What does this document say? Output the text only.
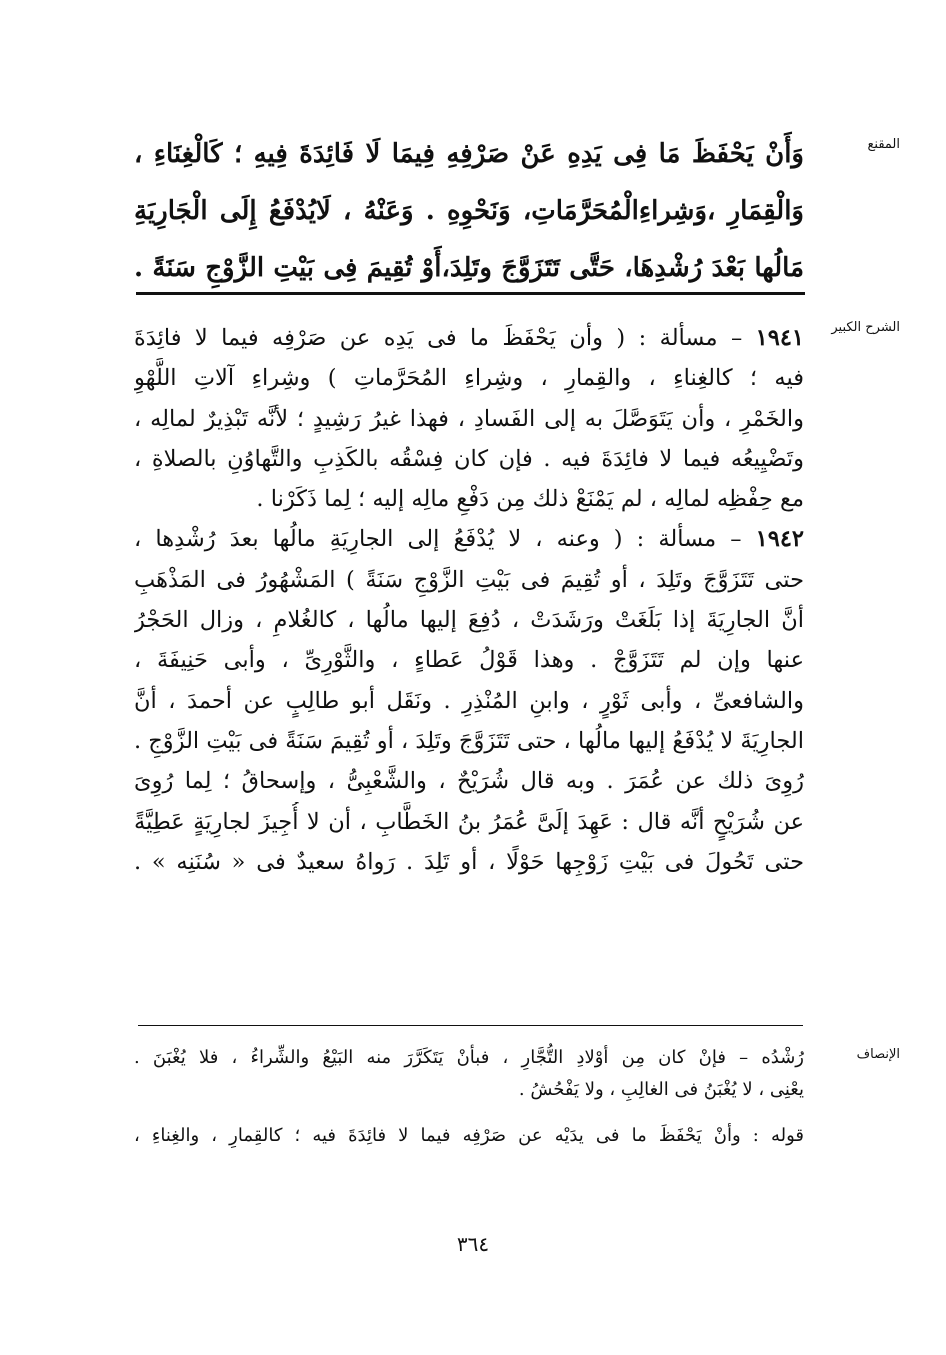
المقنع
وَأَنْ يَحْفَظَ مَا فِى يَدِهِ عَنْ صَرْفِهِ فِيمَا لَا فَائِدَةَ فِيهِ ؛ كَالْغِنَاءِ ،
وَالْقِمَارِ ،وَشِراءِالْمُحَرَّمَاتِ، وَنَحْوِهِ . وَعَنْهُ ، لَايُدْفَعُ إِلَى الْجَارِيَةِ
مَالُها بَعْدَ رُشْدِهَا، حَتَّى تَتَزَوَّجَ وتَلِدَ،أَوْ تُقِيمَ فِى بَيْتِ الزَّوْجِ سَنَةً .
الشرح الكبير
١٩٤١ – مسألة : ( وأن يَحْفَظَ ما فى يَدِه عن صَرْفِه فيما لا فائِدَةَ
فيه ؛ كالغِناءِ ، والقِمارِ ، وشِراءِ المُحَرَّماتِ ) وشِراءِ آلاتِ اللَّهْوِ
والخَمْرِ ، وأن يَتَوَصَّلَ به إلى الفَسادِ ، فهذا غيرُ رَشِيدٍ ؛ لأنَّه تَبْذِيرٌ لمالِه ،
وتَضْيِيعُه فيما لا فائِدَةَ فيه . فإن كان فِسْقُه بالكَذِبِ والتَّهاوُنِ بالصلاةِ ،
مع حِفْظِه لمالِه ، لم يَمْنَعْ ذلك مِن دَفْعِ مالِه إليه ؛ لِما ذَكَرْنا .
١٩٤٢ – مسألة : ( وعنه ، لا يُدْفَعُ إلى الجارِيَةِ مالُها بعدَ رُشْدِها ،
حتى تَتَزَوَّجَ وتَلِدَ ، أو تُقِيمَ فى بَيْتِ الزَّوْجِ سَنَةً ) المَشْهُورُ فى المَذْهَبِ
أنَّ الجارِيَةَ إذا بَلَغَتْ ورَشَدَتْ ، دُفِعَ إليها مالُها ، كالغُلامِ ، وزال الحَجْرُ
عنها وإن لم تَتَزَوَّجْ . وهذا قَوْلُ عَطاءٍ ، والثَّوْرِىِّ ، وأبى حَنِيفَةَ ،
والشافعىِّ ، وأبى ثَوْرٍ ، وابنِ المُنْذِرِ . ونَقَل أبو طالِبٍ عن أحمدَ ، أنَّ
الجارِيَةَ لا يُدْفَعُ إليها مالُها ، حتى تَتَزَوَّجَ وتَلِدَ ، أو تُقِيمَ سَنَةً فى بَيْتِ الزَّوْجِ .
رُوِىَ ذلك عن عُمَرَ . وبه قال شُرَيْحٌ ، والشَّعْبِىُّ ، وإسحاقُ ؛ لِما رُوِىَ
عن شُرَيْحٍ أنَّه قال : عَهِدَ إلَىَّ عُمَرُ بنُ الخَطَّابِ ، أن لا أُجِيزَ لجارِيَةٍ عَطِيَّةً
حتى تَحُولَ فى بَيْتِ زَوْجِها حَوْلًا ، أو تَلِدَ . رَواهُ سعيدٌ فى « سُنَنِه » .
الإنصاف
رُشْدُه – فإنْ كان مِن أوْلادِ التُّجَّارِ ، فبأنْ يَتَكَرَّرَ منه البَيْعُ والشِّراءُ ، فلا يُغْبَنَ .
يعْنِى ، لا يُغْبَنُ فى الغالِبِ ، ولا يَفْحُشُ .
قوله : وأنْ يَحْفَظَ ما فى يدَيْه عن صَرْفِه فيما لا فائِدَةَ فيه ؛ كالقِمارِ ، والغِناءِ ،
٣٦٤
